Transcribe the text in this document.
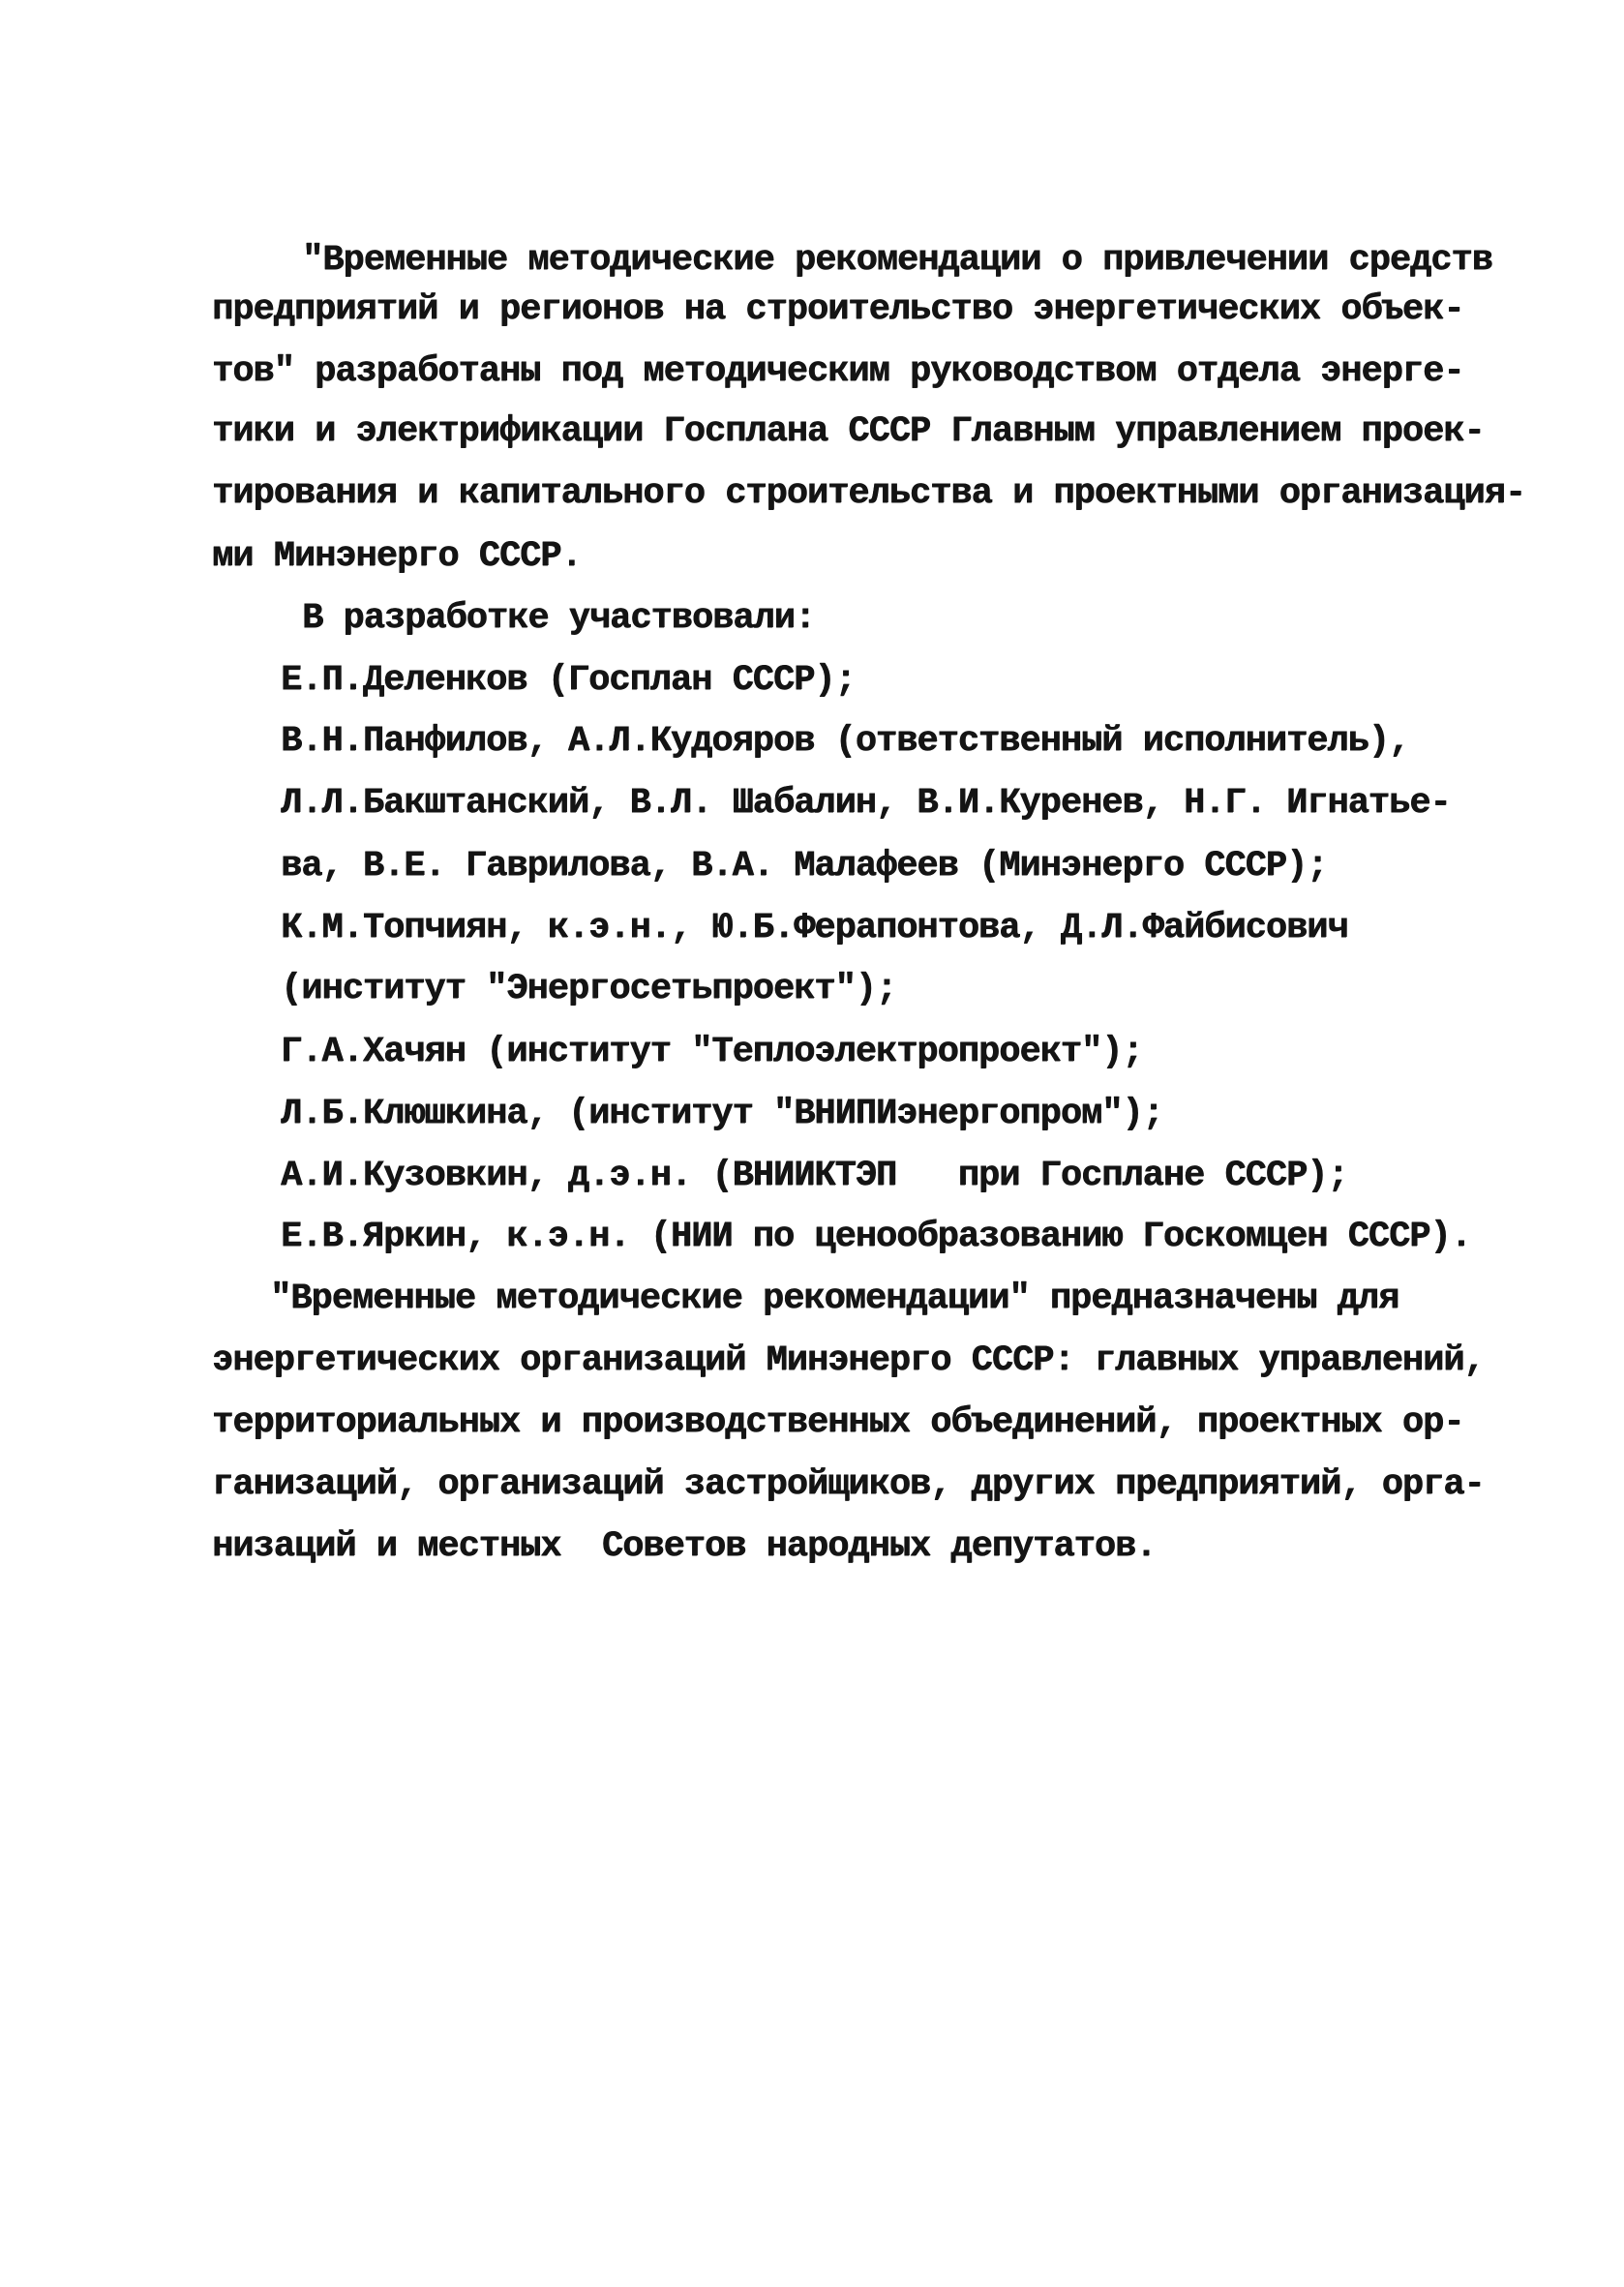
"Временные методические рекомендации о привлечении средств
предприятий и регионов на строительство энергетических объек-
тов" разработаны под методическим руководством отдела энерге-
тики и электрификации Госплана СССР Главным управлением проек-
тирования и капитального строительства и проектными организация-
ми Минэнерго СССР.
В разработке участвовали:
Е.П.Деленков (Госплан СССР);
В.Н.Панфилов, А.Л.Кудояров (ответственный исполнитель),
Л.Л.Бакштанский, В.Л. Шабалин, В.И.Куренев, Н.Г. Игнатье-
ва, В.Е. Гаврилова, В.А. Малафеев (Минэнерго СССР);
К.М.Топчиян, к.э.н., Ю.Б.Ферапонтова, Д.Л.Файбисович
(институт "Энергосетьпроект");
Г.А.Хачян (институт "Теплоэлектропроект");
Л.Б.Клюшкина, (институт "ВНИПИэнергопром");
А.И.Кузовкин, д.э.н. (ВНИИКТЭП   при Госплане СССР);
Е.В.Яркин, к.э.н. (НИИ по ценообразованию Госкомцен СССР).
"Временные методические рекомендации" предназначены для
энергетических организаций Минэнерго СССР: главных управлений,
территориальных и производственных объединений, проектных ор-
ганизаций, организаций застройщиков, других предприятий, орга-
низаций и местных  Советов народных депутатов.
